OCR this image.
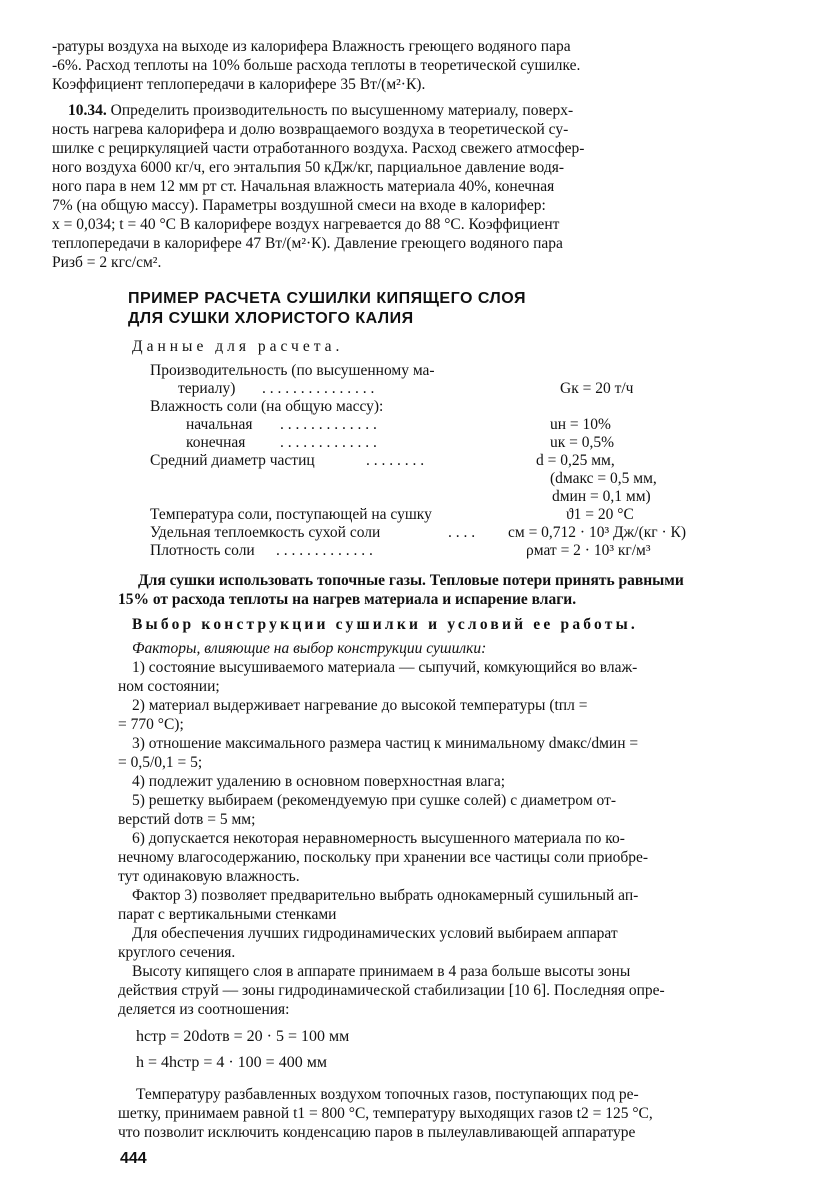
-ратуры воздуха на выходе из калорифера Влажность греющего водяного пара
-6%. Расход теплоты на 10% больше расхода теплоты в теоретической сушилке.
Коэффициент теплопередачи в калорифере 35 Вт/(м²·К).
10.34. Определить производительность по высушенному материалу, поверх-
ность нагрева калорифера и долю возвращаемого воздуха в теоретической су-
шилке с рециркуляцией части отработанного воздуха. Расход свежего атмосфер-
ного воздуха 6000 кг/ч, его энтальпия 50 кДж/кг, парциальное давление водя-
ного пара в нем 12 мм рт ст. Начальная влажность материала 40%, конечная
7% (на общую массу). Параметры воздушной смеси на входе в калорифер:
x = 0,034; t = 40 °С В калорифере воздух нагревается до 88 °С. Коэффициент
теплопередачи в калорифере 47 Вт/(м²·К). Давление греющего водяного пара
Pизб = 2 кгс/см².
ПРИМЕР РАСЧЕТА СУШИЛКИ КИПЯЩЕГО СЛОЯ
ДЛЯ СУШКИ ХЛОРИСТОГО КАЛИЯ
Данные для расчета.
Производительность (по высушенному ма-
териалу) . . . . . . . . . . . . . . .	Gк = 20 т/ч
Влажность соли (на общую массу):
начальная . . . . . . . . . . . . .	uн = 10%
конечная . . . . . . . . . . . . .	uк = 0,5%
Средний диаметр частиц	. . . . . . . .	d = 0,25 мм,
(dмакс = 0,5 мм,
dмин = 0,1 мм)
Температура соли, поступающей на сушку	ϑ1 = 20 °С
Удельная теплоемкость сухой соли	. . . . cм = 0,712 · 10³ Дж/(кг · К)
Плотность соли . . . . . . . . . . . . .	ρмат = 2 · 10³ кг/м³
Для сушки использовать топочные газы. Тепловые потери принять равными
15% от расхода теплоты на нагрев материала и испарение влаги.
Выбор конструкции сушилки и условий ее работы.
Факторы, влияющие на выбор конструкции сушилки:
1) состояние высушиваемого материала — сыпучий, комкующийся во влаж-
ном состоянии;
2) материал выдерживает нагревание до высокой температуры (tпл =
= 770 °С);
3) отношение максимального размера частиц к минимальному dмакс/dмин =
= 0,5/0,1 = 5;
4) подлежит удалению в основном поверхностная влага;
5) решетку выбираем (рекомендуемую при сушке солей) с диаметром от-
верстий dотв = 5 мм;
6) допускается некоторая неравномерность высушенного материала по ко-
нечному влагосодержанию, поскольку при хранении все частицы соли приобре-
тут одинаковую влажность.
Фактор 3) позволяет предварительно выбрать однокамерный сушильный ап-
парат с вертикальными стенками
Для обеспечения лучших гидродинамических условий выбираем аппарат
круглого сечения.
Высоту кипящего слоя в аппарате принимаем в 4 раза больше высоты зоны
действия струй — зоны гидродинамической стабилизации [10 6]. Последняя опре-
деляется из соотношения:
hстр = 20dотв = 20 · 5 = 100 мм
h = 4hстр = 4 · 100 = 400 мм
Температуру разбавленных воздухом топочных газов, поступающих под ре-
шетку, принимаем равной t1 = 800 °С, температуру выходящих газов t2 = 125 °С,
что позволит исключить конденсацию паров в пылеулавливающей аппаратуре
444
